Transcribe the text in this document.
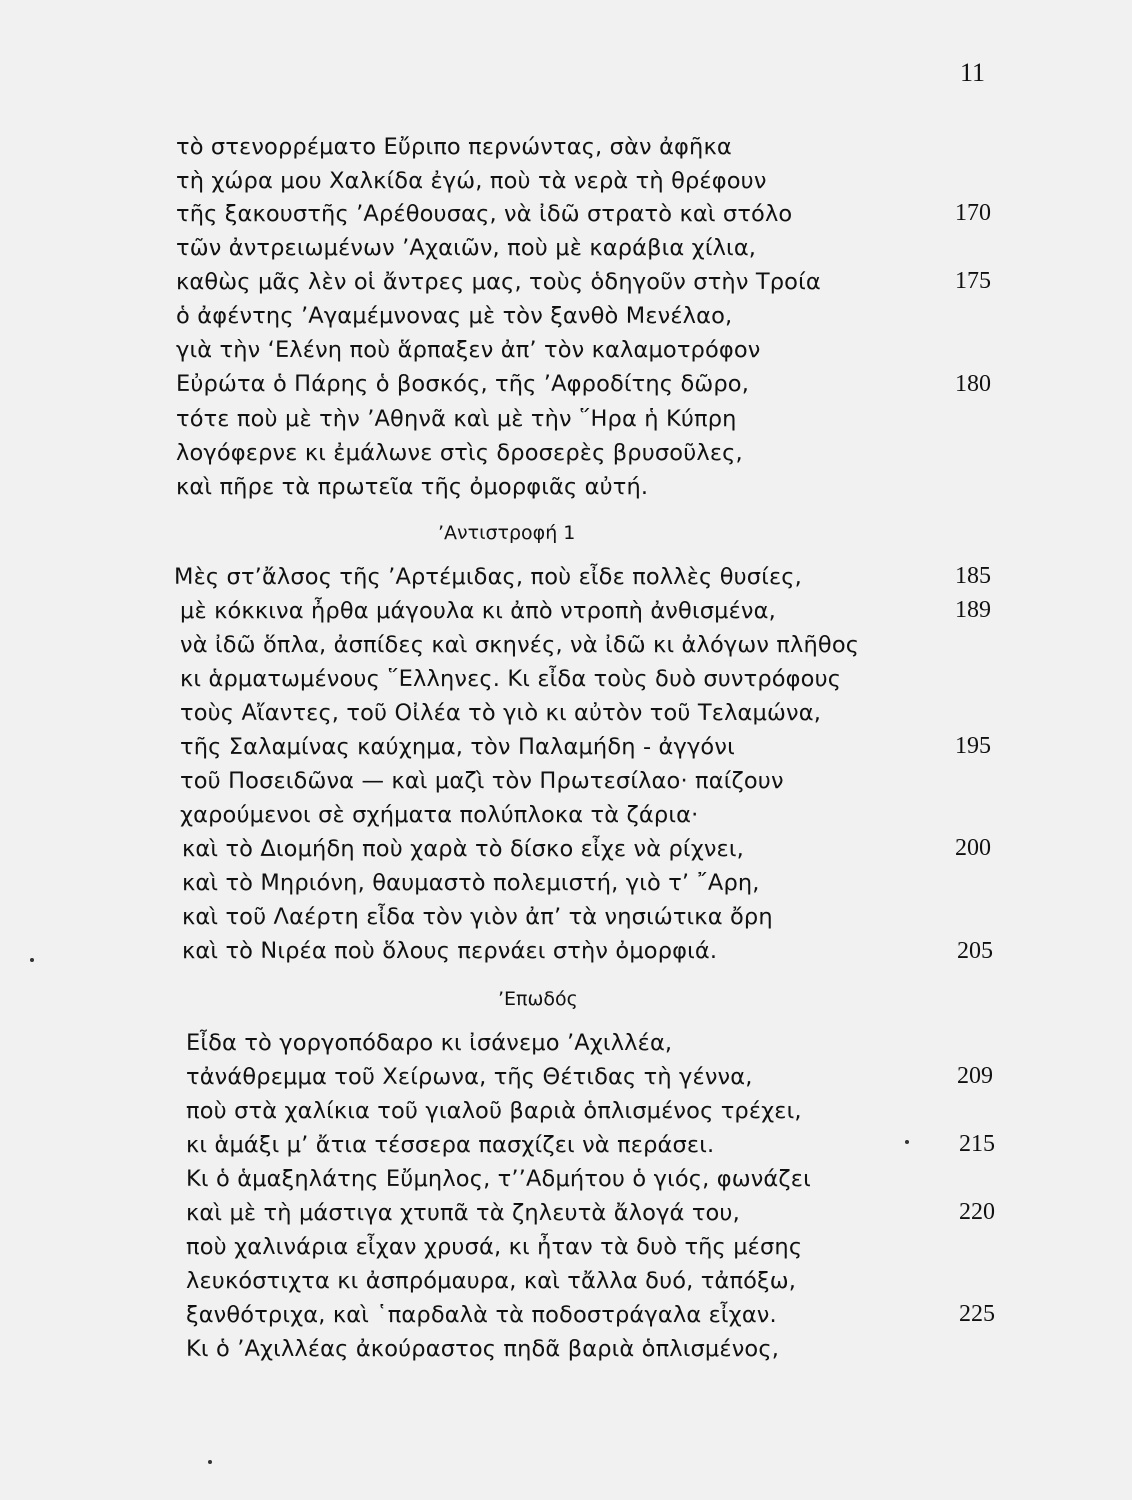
11
τὸ στενορρέματο Εὔριπο περνώντας, σὰν ἀφῆκα
τὴ χώρα μου Χαλκίδα ἐγώ, ποὺ τὰ νερὰ τὴ θρέφουν
τῆς ξακουστῆς ’Αρέθουσας, νὰ ἰδῶ στρατὸ καὶ στόλο
τῶν ἀντρειωμένων ’Αχαιῶν, ποὺ μὲ καράβια χίλια,
καθὼς μᾶς λὲν οἱ ἄντρες μας, τοὺς ὁδηγοῦν στὴν Τροία
ὁ ἀφέντης ’Αγαμέμνονας μὲ τὸν ξανθὸ Μενέλαο,
γιὰ τὴν ‘Ελένη ποὺ ἅρπαξεν ἀπ’ τὸν καλαμοτρόφον
Εὐρώτα ὁ Πάρης ὁ βοσκός, τῆς ’Αφροδίτης δῶρο,
τότε ποὺ μὲ τὴν ’Αθηνᾶ καὶ μὲ τὴν ῞Ηρα ἡ Κύπρη
λογόφερνε κι ἐμάλωνε στὶς δροσερὲς βρυσοῦλες,
καὶ πῆρε τὰ πρωτεῖα τῆς ὀμορφιᾶς αὐτή.
’Αντιστροφή 1
Μὲς στ’ἄλσος τῆς ’Αρτέμιδας, ποὺ εἶδε πολλὲς θυσίες,
μὲ κόκκινα ἦρθα μάγουλα κι ἀπὸ ντροπὴ ἀνθισμένα,
νὰ ἰδῶ ὅπλα, ἀσπίδες καὶ σκηνές, νὰ ἰδῶ κι ἀλόγων πλῆθος
κι ἁρματωμένους ῞Ελληνες. Κι εἶδα τοὺς δυὸ συντρόφους
τοὺς Αἴαντες, τοῦ Οἰλέα τὸ γιὸ κι αὐτὸν τοῦ Τελαμώνα,
τῆς Σαλαμίνας καύχημα, τὸν Παλαμήδη - ἀγγόνι
τοῦ Ποσειδῶνα — καὶ μαζὶ τὸν Πρωτεσίλαο· παίζουν
χαρούμενοι σὲ σχήματα πολύπλοκα τὰ ζάρια·
καὶ τὸ Διομήδη ποὺ χαρὰ τὸ δίσκο εἶχε νὰ ρίχνει,
καὶ τὸ Μηριόνη, θαυμαστὸ πολεμιστή, γιὸ τ’ ῎Αρη,
καὶ τοῦ Λαέρτη εἶδα τὸν γιὸν ἀπ’ τὰ νησιώτικα ὄρη
καὶ τὸ Νιρέα ποὺ ὅλους περνάει στὴν ὀμορφιά.
’Επωδός
Εἶδα τὸ γοργοπόδαρο κι ἰσάνεμο ’Αχιλλέα,
τἀνάθρεμμα τοῦ Χείρωνα, τῆς Θέτιδας τὴ γέννα,
ποὺ στὰ χαλίκια τοῦ γιαλοῦ βαριὰ ὁπλισμένος τρέχει,
κι ἁμάξι μ’ ἄτια τέσσερα πασχίζει νὰ περάσει.
Κι ὁ ἁμαξηλάτης Εὔμηλος, τ’’Αδμήτου ὁ γιός, φωνάζει
καὶ μὲ τὴ μάστιγα χτυπᾶ τὰ ζηλευτὰ ἄλογά του,
ποὺ χαλινάρια εἶχαν χρυσά, κι ἦταν τὰ δυὸ τῆς μέσης
λευκόστιχτα κι ἀσπρόμαυρα, καὶ τἄλλα δυό, τἀπόξω,
ξανθότριχα, καὶ ῾παρδαλὰ τὰ ποδοστράγαλα εἶχαν.
Κι ὁ ’Αχιλλέας ἀκούραστος πηδᾶ βαριὰ ὁπλισμένος,
170
175
180
185
189
195
200
205
209
215
220
225
